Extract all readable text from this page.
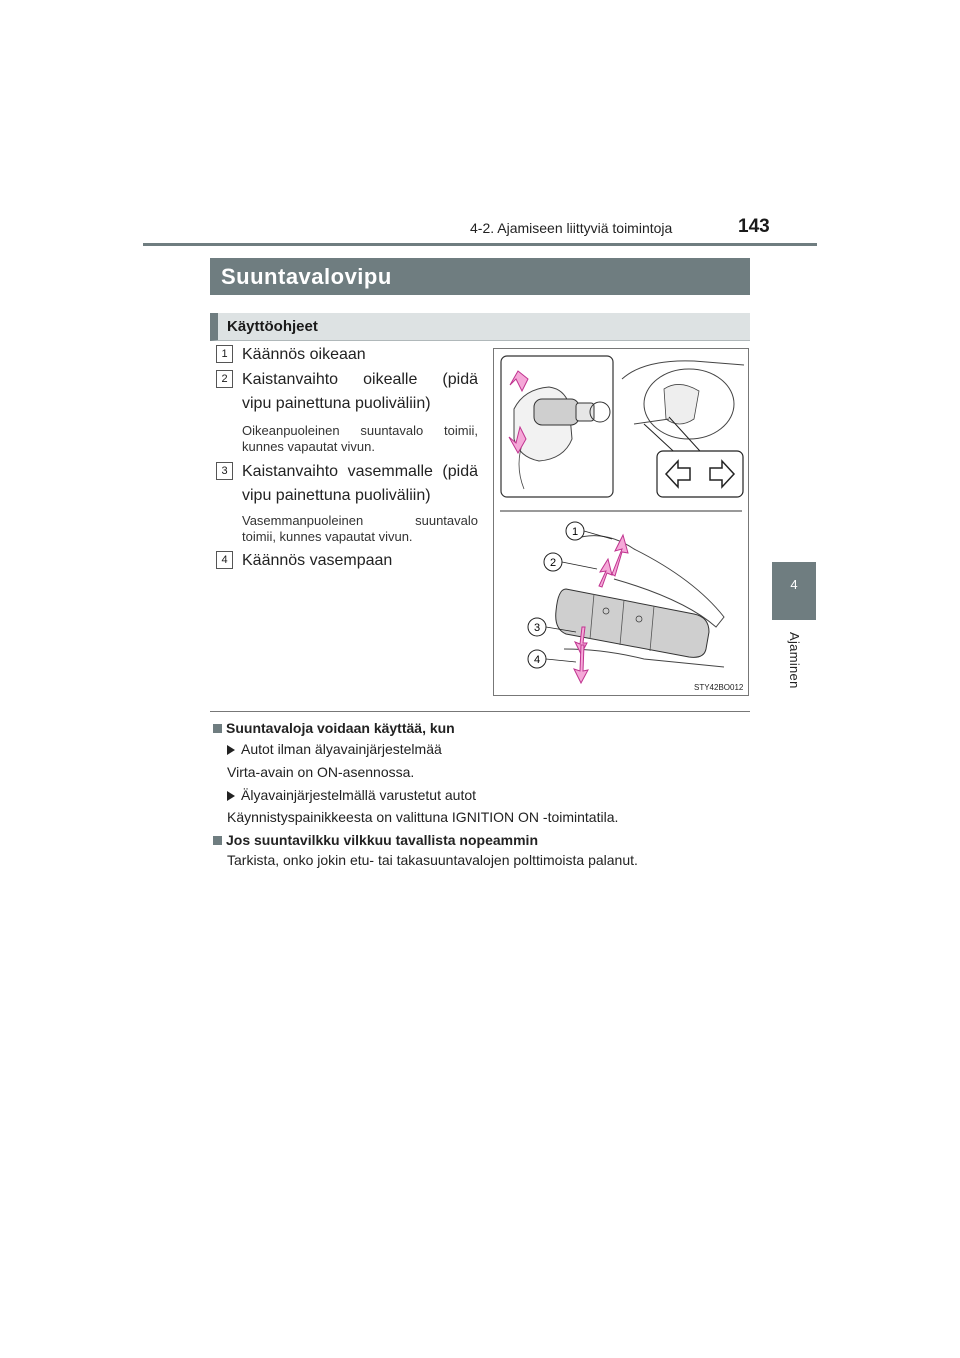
4-2. Ajamiseen liittyviä toimintoja	143
4
Ajaminen
Suuntavalovipu
Käyttöohjeet
1 Käännös oikeaan
2 Kaistanvaihto oikealle (pidä
vipu painettuna puoliväliin)
Oikeanpuoleinen suuntavalo toimii,
kunnes vapautat vivun.
3 Kaistanvaihto vasemmalle (pidä
vipu painettuna puoliväliin)
Vasemmanpuoleinen suuntavalo
toimii, kunnes vapautat vivun.
4 Käännös vasempaan
1
2
3
4
STY42BO012
Suuntavaloja voidaan käyttää, kun
Autot ilman älyavainjärjestelmää
Virta-avain on ON-asennossa.
Älyavainjärjestelmällä varustetut autot
Käynnistyspainikkeesta on valittuna IGNITION ON -toimintatila.
Jos suuntavilkku vilkkuu tavallista nopeammin
Tarkista, onko jokin etu- tai takasuuntavalojen polttimoista palanut.
